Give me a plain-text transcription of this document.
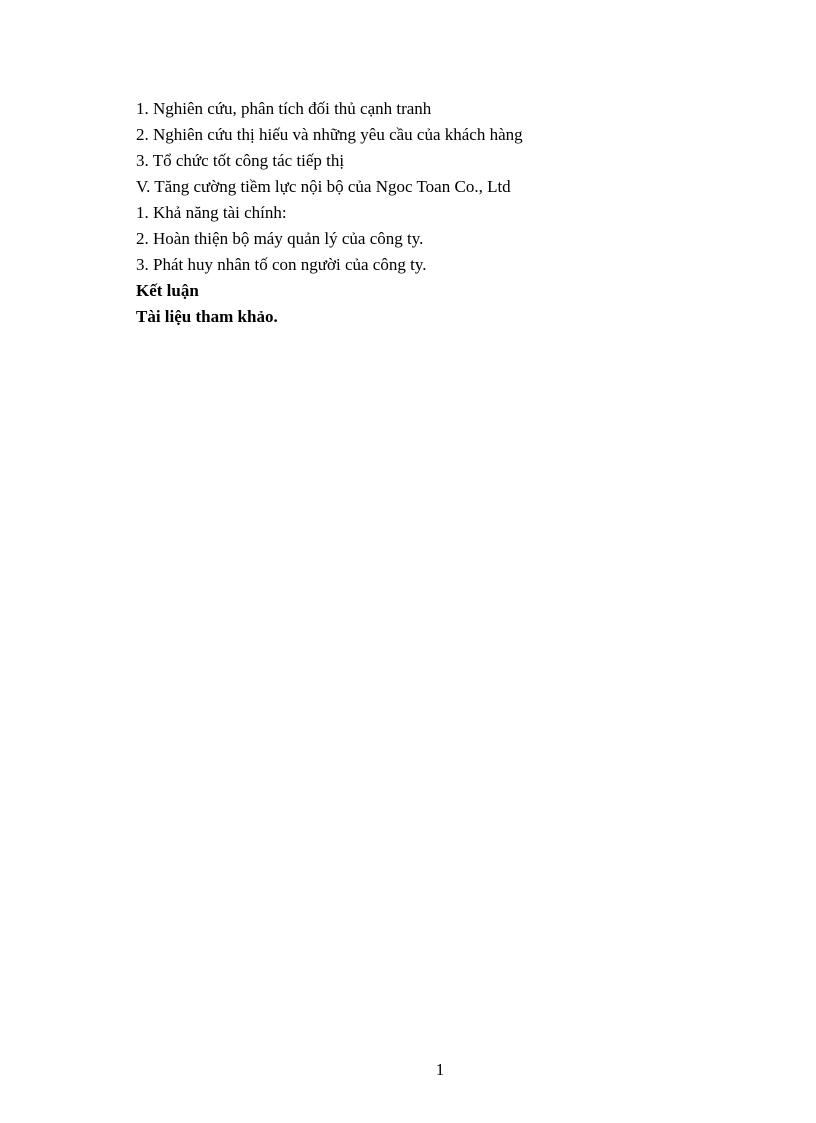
1. Nghiên cứu, phân tích đối thủ cạnh tranh
2. Nghiên cứu thị hiếu và những yêu cầu của khách hàng
3. Tổ chức tốt công tác tiếp thị
V. Tăng cường tiềm lực nội bộ của Ngoc Toan Co., Ltd
1. Khả năng tài chính:
2. Hoàn thiện bộ máy quản lý của công ty.
3. Phát huy nhân tố con người của công ty.
Kết luận
Tài liệu tham khảo.
1
